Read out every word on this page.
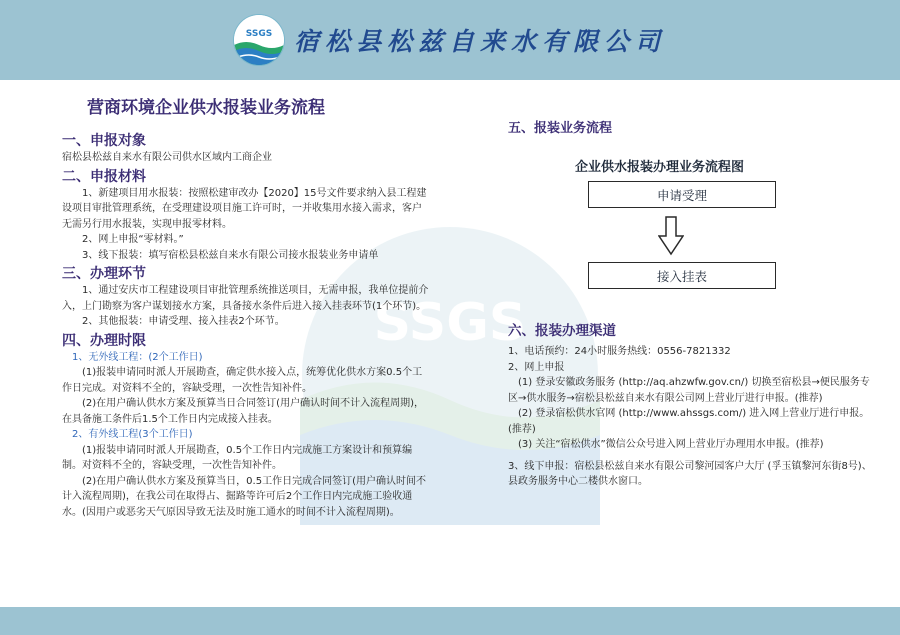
SSGS 宿松县松兹自来水有限公司
SSGS
营商环境企业供水报装业务流程
一、申报对象
宿松县松兹自来水有限公司供水区域内工商企业
二、申报材料
1、新建项目用水报装：按照松建审改办【2020】15号文件要求纳入县工程建设项目审批管理系统，在受理建设项目施工许可时，一并收集用水接入需求，客户无需另行用水报装，实现申报零材料。
2、网上申报“零材料。”
3、线下报装：填写宿松县松兹自来水有限公司接水报装业务申请单
三、办理环节
1、通过安庆市工程建设项目审批管理系统推送项目，无需申报，我单位提前介入，上门勘察为客户谋划接水方案，具备接水条件后进入接入挂表环节(1个环节)。
2、其他报装：申请受理、接入挂表2个环节。
四、办理时限
1、无外线工程：(2个工作日)
(1)报装申请同时派人开展勘查，确定供水接入点，统筹优化供水方案0.5个工作日完成。对资料不全的，容缺受理，一次性告知补件。
(2)在用户确认供水方案及预算当日合同签订(用户确认时间不计入流程周期)，在具备施工条件后1.5个工作日内完成接入挂表。
2、有外线工程(3个工作日)
(1)报装申请同时派人开展勘查，0.5个工作日内完成施工方案设计和预算编制。对资料不全的，容缺受理，一次性告知补件。
(2)在用户确认供水方案及预算当日，0.5工作日完成合同签订(用户确认时间不计入流程周期)，在我公司在取得占、掘路等许可后2个工作日内完成施工验收通水。(因用户或恶劣天气原因导致无法及时施工通水的时间不计入流程周期)。
五、报装业务流程
企业供水报装办理业务流程图
申请受理
接入挂表
六、报装办理渠道
1、电话预约：24小时服务热线：0556-7821332
2、网上申报
(1) 登录安徽政务服务 (http://aq.ahzwfw.gov.cn/) 切换至宿松县→便民服务专区→供水服务→宿松县松兹自来水有限公司网上营业厅进行申报。(推荐)
(2) 登录宿松供水官网 (http://www.ahssgs.com/) 进入网上营业厅进行申报。(推荐)
(3) 关注“宿松供水”微信公众号进入网上营业厅办理用水申报。(推荐)
3、线下申报：宿松县松兹自来水有限公司黎河园客户大厅 (孚玉镇黎河东街8号)、县政务服务中心二楼供水窗口。
